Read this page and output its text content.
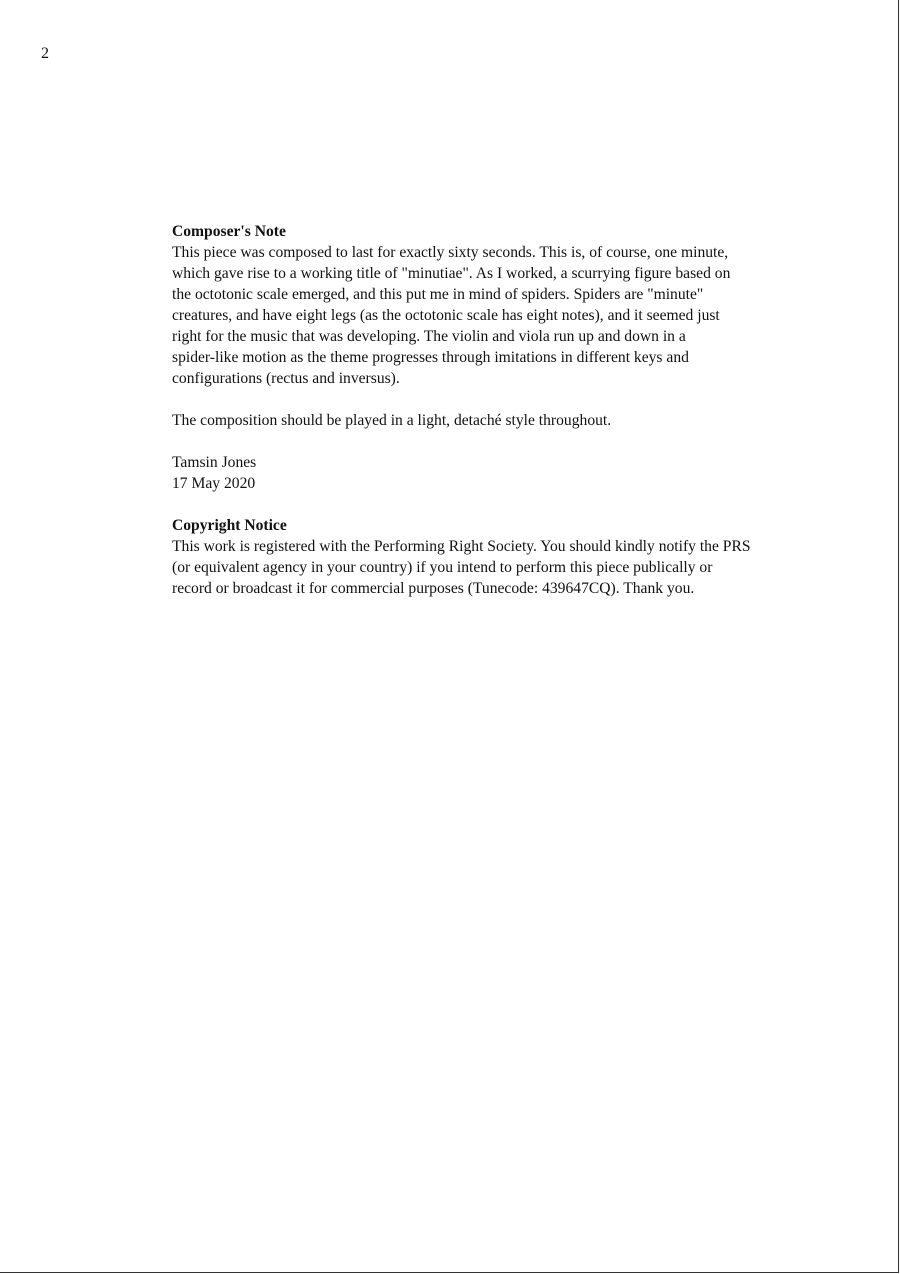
2
Composer's Note
This piece was composed to last for exactly sixty seconds. This is, of course, one minute,
which gave rise to a working title of "minutiae". As I worked, a scurrying figure based on
the octotonic scale emerged, and this put me in mind of spiders. Spiders are "minute"
creatures, and have eight legs (as the octotonic scale has eight notes), and it seemed just
right for the music that was developing. The violin and viola run up and down in a
spider-like motion as the theme progresses through imitations in different keys and
configurations (rectus and inversus).
The composition should be played in a light, detaché style throughout.
Tamsin Jones
17 May 2020
Copyright Notice
This work is registered with the Performing Right Society. You should kindly notify the PRS
(or equivalent agency in your country) if you intend to perform this piece publically or
record or broadcast it for commercial purposes (Tunecode: 439647CQ). Thank you.
